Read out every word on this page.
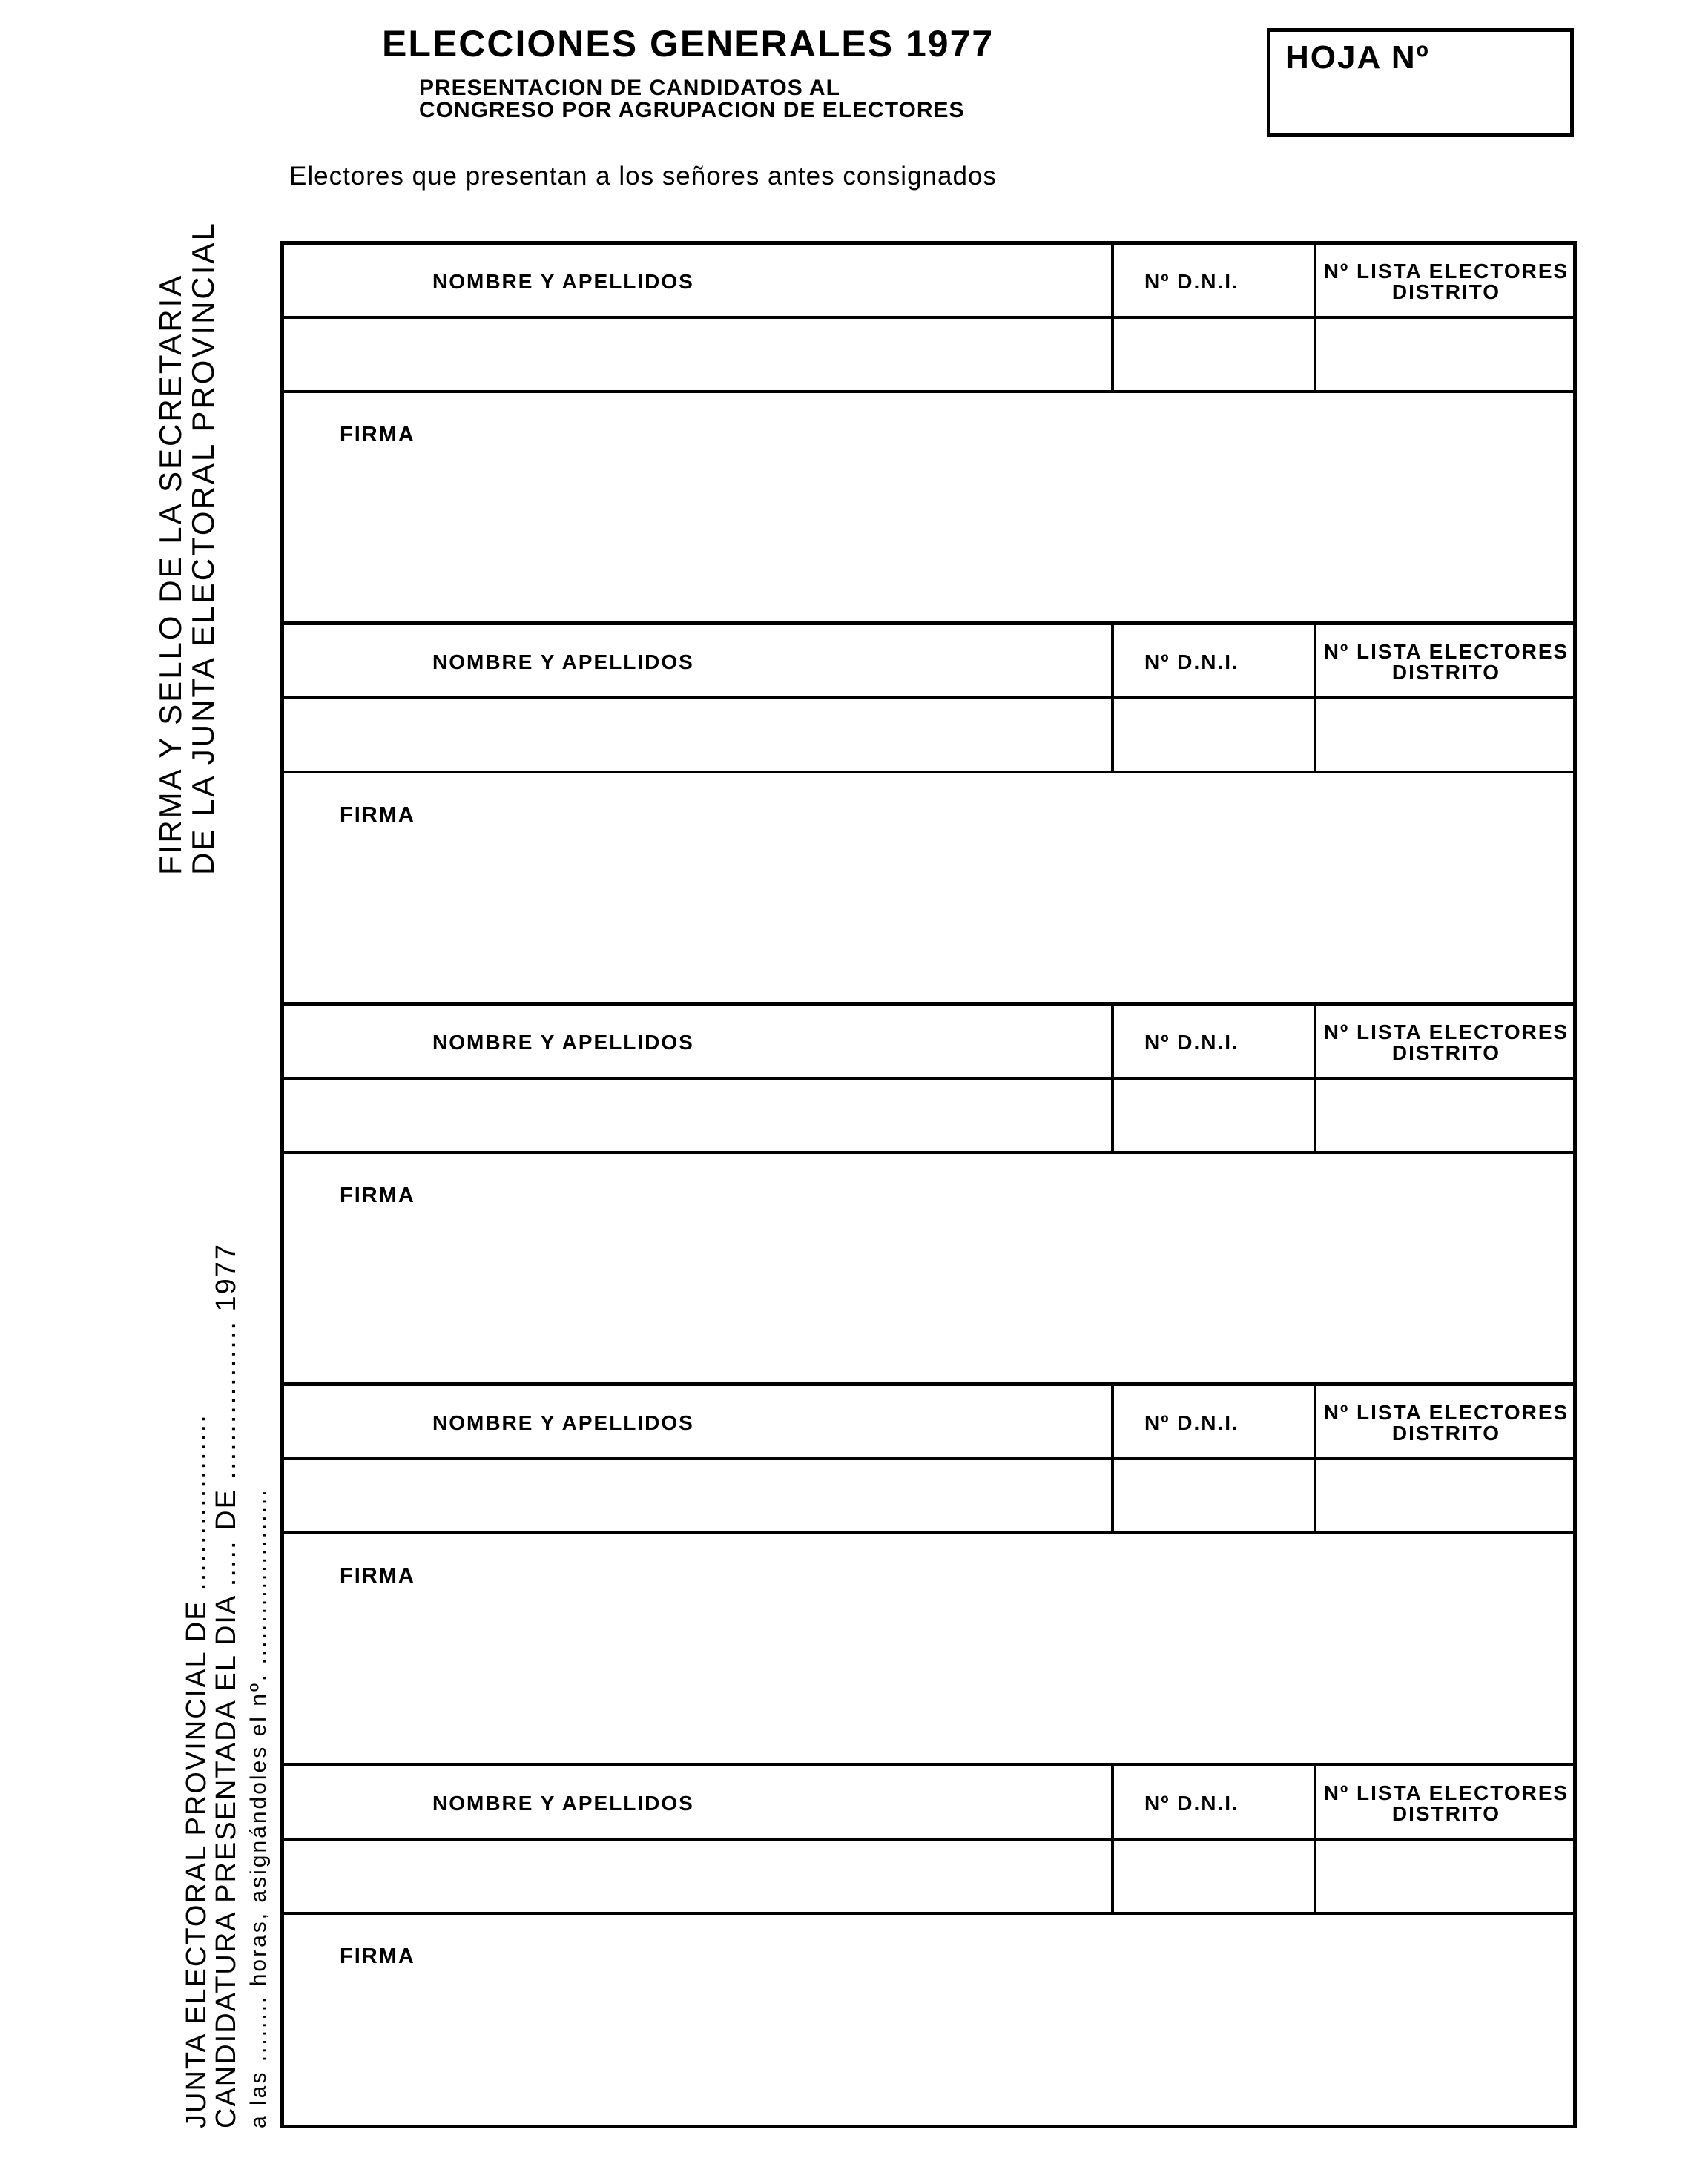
ELECCIONES GENERALES 1977
PRESENTACION DE CANDIDATOS AL
CONGRESO POR AGRUPACION DE ELECTORES
HOJA Nº
Electores que presentan a los señores antes consignados
NOMBRE Y APELLIDOS	Nº D.N.I.	Nº LISTA ELECTORES
DISTRITO
FIRMA
NOMBRE Y APELLIDOS	Nº D.N.I.	Nº LISTA ELECTORES
DISTRITO
FIRMA
NOMBRE Y APELLIDOS	Nº D.N.I.	Nº LISTA ELECTORES
DISTRITO
FIRMA
NOMBRE Y APELLIDOS	Nº D.N.I.	Nº LISTA ELECTORES
DISTRITO
FIRMA
NOMBRE Y APELLIDOS	Nº D.N.I.	Nº LISTA ELECTORES
DISTRITO
FIRMA
FIRMA Y SELLO DE LA SECRETARIA
DE LA JUNTA ELECTORAL PROVINCIAL
JUNTA ELECTORAL PROVINCIAL DE ...................
CANDIDATURA PRESENTADA EL DIA ..... DE ................. 1977 a las ........ horas, asignándoles el nº. .....................
